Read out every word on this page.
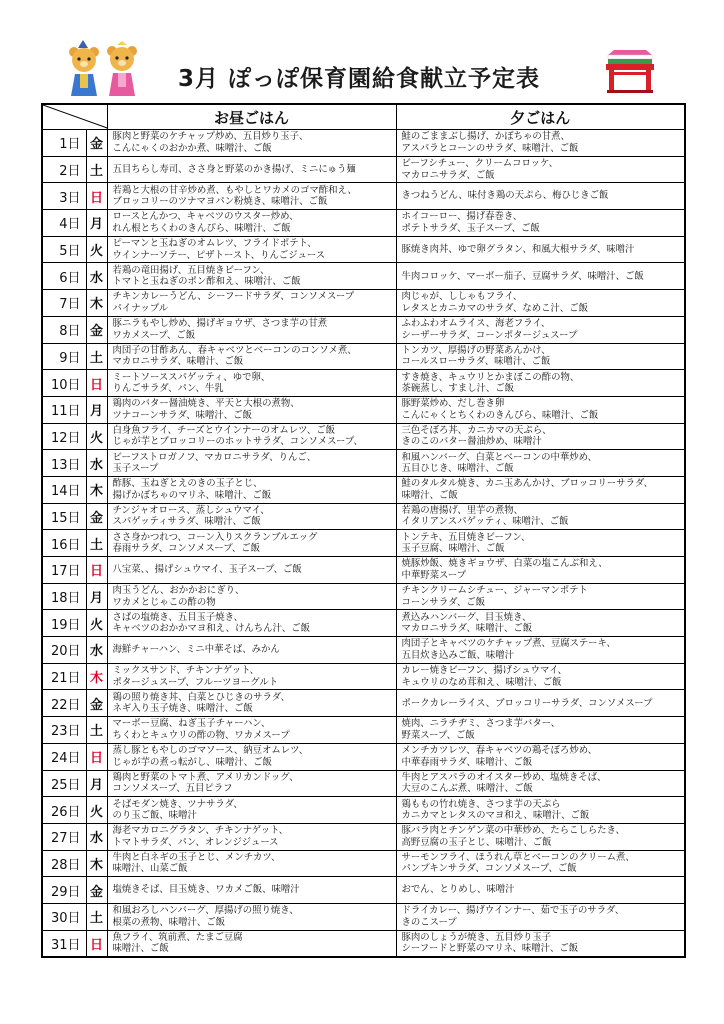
3月 ぽっぽ保育園給食献立予定表
	お昼ごはん	夕ごはん
1日	金	豚肉と野菜のケチャップ炒め、五目炒り玉子、
こんにゃくのおかか煮、味噌汁、ご飯	鮭のごままぶし揚げ、かぼちゃの甘煮、
アスパラとコーンのサラダ、味噌汁、ご飯

2日	土	五目ちらし寿司、ささ身と野菜のかき揚げ、ミニにゅう麺	ビーフシチュー、クリームコロッケ、
マカロニサラダ、ご飯

3日	日	若鶏と大根の甘辛炒め煮、もやしとワカメのゴマ酢和え、
ブロッコリーのツナマヨパン粉焼き、味噌汁、ご飯	きつねうどん、味付き鶏の天ぷら、梅ひじきご飯

4日	月	ロースとんかつ、キャベツのウスター炒め、
れん根とちくわのきんぴら、味噌汁、ご飯	ホイコーロー、揚げ春巻き、
ポテトサラダ、玉子スープ、ご飯

5日	火	ピーマンと玉ねぎのオムレツ、フライドポテト、
ウインナーソテー、ピザトースト、りんごジュース	豚焼き肉丼、ゆで卵グラタン、和風大根サラダ、味噌汁

6日	水	若鶏の竜田揚げ、五目焼きビーフン、
トマトと玉ねぎのポン酢和え、味噌汁、ご飯	牛肉コロッケ、マーボー茄子、豆腐サラダ、味噌汁、ご飯

7日	木	チキンカレーうどん、シーフードサラダ、コンソメスープ
パイナップル	肉じゃが、ししゃもフライ、
レタスとカニカマのサラダ、なめこ汁、ご飯

8日	金	豚ニラもやし炒め、揚げギョウザ、さつま芋の甘煮
ワカメスープ、ご飯	ふわふわオムライス、海老フライ、
シーザーサラダ、コーンポタージュスープ

9日	土	肉団子の甘酢あん、春キャベツとベーコンのコンソメ煮、
マカロニサラダ、味噌汁、ご飯	トンカツ、厚揚げの野菜あんかけ、
コールスローサラダ、味噌汁、ご飯

10日	日	ミートソーススパゲッティ、ゆで卵、
りんごサラダ、パン、牛乳	すき焼き、キュウリとかまぼこの酢の物、
茶碗蒸し、すまし汁、ご飯

11日	月	鶏肉のバター醤油焼き、平天と大根の煮物、
ツナコーンサラダ、味噌汁、ご飯	豚野菜炒め、だし巻き卵
こんにゃくとちくわのきんぴら、味噌汁、ご飯

12日	火	白身魚フライ、チーズとウインナーのオムレツ、ご飯
じゃが芋とブロッコリーのホットサラダ、コンソメスープ、	三色そぼろ丼、カニカマの天ぷら、
きのこのバター醤油炒め、味噌汁

13日	水	ビーフストロガノフ、マカロニサラダ、りんご、
玉子スープ	和風ハンバーグ、白菜とベーコンの中華炒め、
五目ひじき、味噌汁、ご飯

14日	木	酢豚、玉ねぎとえのきの玉子とじ、
揚げかぼちゃのマリネ、味噌汁、ご飯	鮭のタルタル焼き、カニ玉あんかけ、ブロッコリーサラダ、
味噌汁、ご飯

15日	金	チンジャオロース、蒸しシュウマイ、
スパゲッティサラダ、味噌汁、ご飯	若鶏の唐揚げ、里芋の煮物、
イタリアンスパゲッティ、味噌汁、ご飯

16日	土	ささ身かつれつ、コーン入りスクランブルエッグ
春雨サラダ、コンソメスープ、ご飯	トンテキ、五目焼きビーフン、
玉子豆腐、味噌汁、ご飯

17日	日	八宝菜、、揚げシュウマイ、玉子スープ、ご飯	焼豚炒飯、焼きギョウザ、白菜の塩こんぶ和え、
中華野菜スープ

18日	月	肉玉うどん、おかかおにぎり、
ワカメとじゃこの酢の物	チキンクリームシチュー、ジャーマンポテト
コーンサラダ、ご飯

19日	火	さばの塩焼き、五目玉子焼き、
キャベツのおかかマヨ和え、けんちん汁、ご飯	煮込みハンバーグ、目玉焼き、
マカロニサラダ、味噌汁、ご飯

20日	水	海鮮チャーハン、ミニ中華そば、みかん	肉団子とキャベツのケチャップ煮、豆腐ステーキ、
五目炊き込みご飯、味噌汁

21日	木	ミックスサンド、チキンナゲット、
ポタージュスープ、フルーツヨーグルト	カレー焼きビーフン、揚げシュウマイ、
キュウリのなめ茸和え、味噌汁、ご飯

22日	金	鶏の照り焼き丼、白菜とひじきのサラダ、
ネギ入り玉子焼き、味噌汁、ご飯	ポークカレーライス、ブロッコリーサラダ、コンソメスープ

23日	土	マーボー豆腐、ねぎ玉子チャーハン、
ちくわとキュウリの酢の物、ワカメスープ	焼肉、ニラチヂミ、さつま芋バター、
野菜スープ、ご飯

24日	日	蒸し豚ともやしのゴマソース、納豆オムレツ、
じゃが芋の煮っ転がし、味噌汁、ご飯	メンチカツレツ、春キャベツの鶏そぼろ炒め、
中華春雨サラダ、味噌汁、ご飯

25日	月	鶏肉と野菜のトマト煮、アメリカンドッグ、
コンソメスープ、五目ピラフ	牛肉とアスパラのオイスター炒め、塩焼きそば、
大豆のこんぶ煮、味噌汁、ご飯

26日	火	そばモダン焼き、ツナサラダ、
のり玉ご飯、味噌汁	鶏ももの竹れ焼き、さつま芋の天ぷら
カニカマとレタスのマヨ和え、味噌汁、ご飯

27日	水	海老マカロニグラタン、チキンナゲット、
トマトサラダ、パン、オレンジジュース	豚バラ肉とチンゲン菜の中華炒め、たらこしらたき、
高野豆腐の玉子とじ、味噌汁、ご飯

28日	木	牛肉と白ネギの玉子とじ、メンチカツ、
味噌汁、山菜ご飯	サーモンフライ、ほうれん草とベーコンのクリーム煮、
パンプキンサラダ、コンソメスープ、ご飯

29日	金	塩焼きそば、目玉焼き、ワカメご飯、味噌汁	おでん、とりめし、味噌汁

30日	土	和風おろしハンバーグ、厚揚げの照り焼き、
根菜の煮物、味噌汁、ご飯	ドライカレー、揚げウインナー、茹で玉子のサラダ、
きのこスープ

31日	日	魚フライ、筑前煮、たまご豆腐
味噌汁、ご飯	豚肉のしょうが焼き、五目炒り玉子
シーフードと野菜のマリネ、味噌汁、ご飯
